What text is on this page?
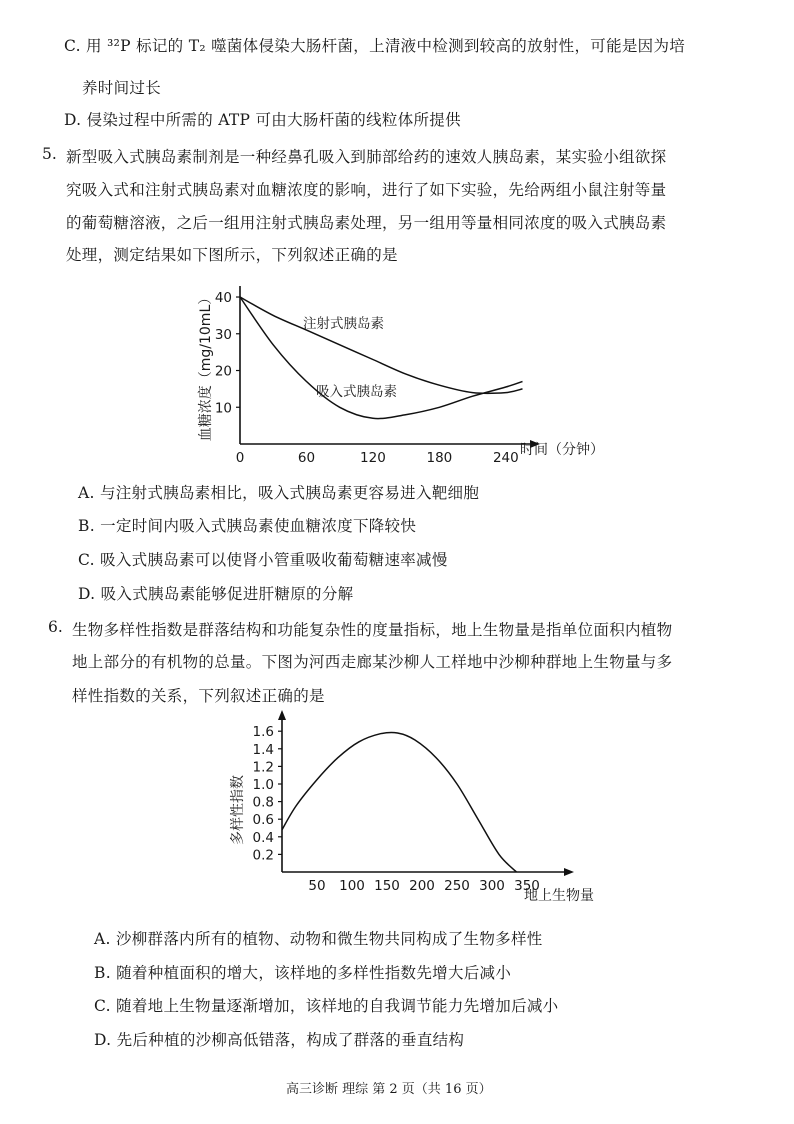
C. 用 ³²P 标记的 T₂ 噬菌体侵染大肠杆菌，上清液中检测到较高的放射性，可能是因为培
养时间过长
D. 侵染过程中所需的 ATP 可由大肠杆菌的线粒体所提供
5. 新型吸入式胰岛素制剂是一种经鼻孔吸入到肺部给药的速效人胰岛素，某实验小组欲探
究吸入式和注射式胰岛素对血糖浓度的影响，进行了如下实验，先给两组小鼠注射等量
的葡萄糖溶液，之后一组用注射式胰岛素处理，另一组用等量相同浓度的吸入式胰岛素
处理，测定结果如下图所示，下列叙述正确的是
血糖浓度（mg/10mL）
时间（分钟）
注射式胰岛素
吸入式胰岛素
0	60	120	180	240
10
20
30
40
A. 与注射式胰岛素相比，吸入式胰岛素更容易进入靶细胞
B. 一定时间内吸入式胰岛素使血糖浓度下降较快
C. 吸入式胰岛素可以使肾小管重吸收葡萄糖速率减慢
D. 吸入式胰岛素能够促进肝糖原的分解
6. 生物多样性指数是群落结构和功能复杂性的度量指标，地上生物量是指单位面积内植物
地上部分的有机物的总量。下图为河西走廊某沙柳人工样地中沙柳种群地上生物量与多
样性指数的关系，下列叙述正确的是
多样性指数
地上生物量
50 100 150 200 250 300 350
0.2
0.4
0.6
0.8
1.0
1.2
1.4
1.6
A. 沙柳群落内所有的植物、动物和微生物共同构成了生物多样性
B. 随着种植面积的增大，该样地的多样性指数先增大后减小
C. 随着地上生物量逐渐增加，该样地的自我调节能力先增加后减小
D. 先后种植的沙柳高低错落，构成了群落的垂直结构
高三诊断 理综 第 2 页（共 16 页）
